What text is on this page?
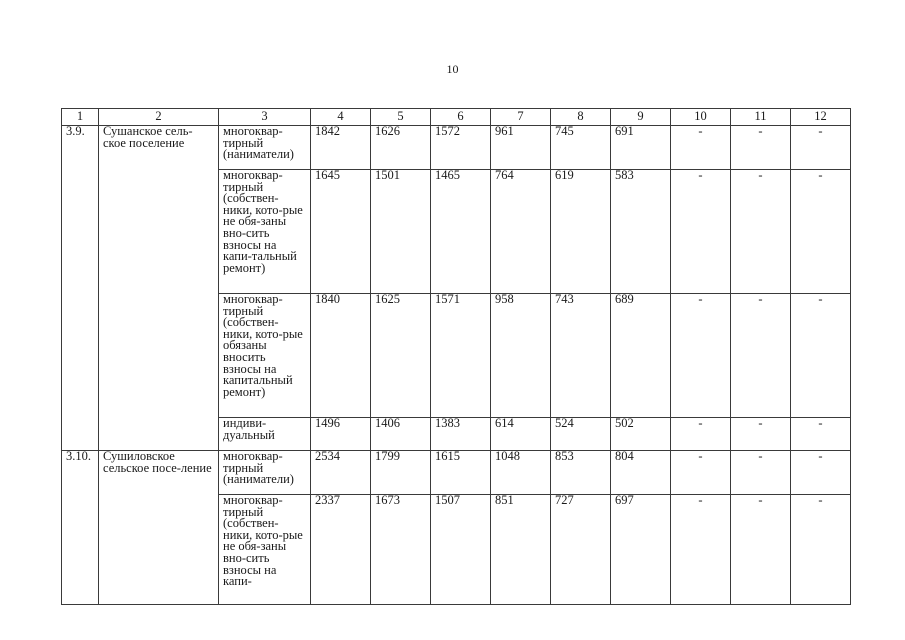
10
1	2	3	4	5	6	7	8	9	10	11	12
3.9.	Сушанское сель-ское поселение	многоквар-тирный (наниматели)	1842	1626	1572	961	745	691	-	-	-
		многоквар-тирный (собствен-ники, кото-рые не обя-заны вно-сить взносы на капи-тальный ремонт)	1645	1501	1465	764	619	583	-	-	-
		многоквар-тирный (собствен-ники, кото-рые обязаны вносить взносы на капитальный ремонт)	1840	1625	1571	958	743	689	-	-	-
		индиви-дуальный	1496	1406	1383	614	524	502	-	-	-
3.10.	Сушиловское сельское посе-ление	многоквар-тирный (наниматели)	2534	1799	1615	1048	853	804	-	-	-
		многоквар-тирный (собствен-ники, кото-рые не обя-заны вно-сить взносы на капи-	2337	1673	1507	851	727	697	-	-	-
